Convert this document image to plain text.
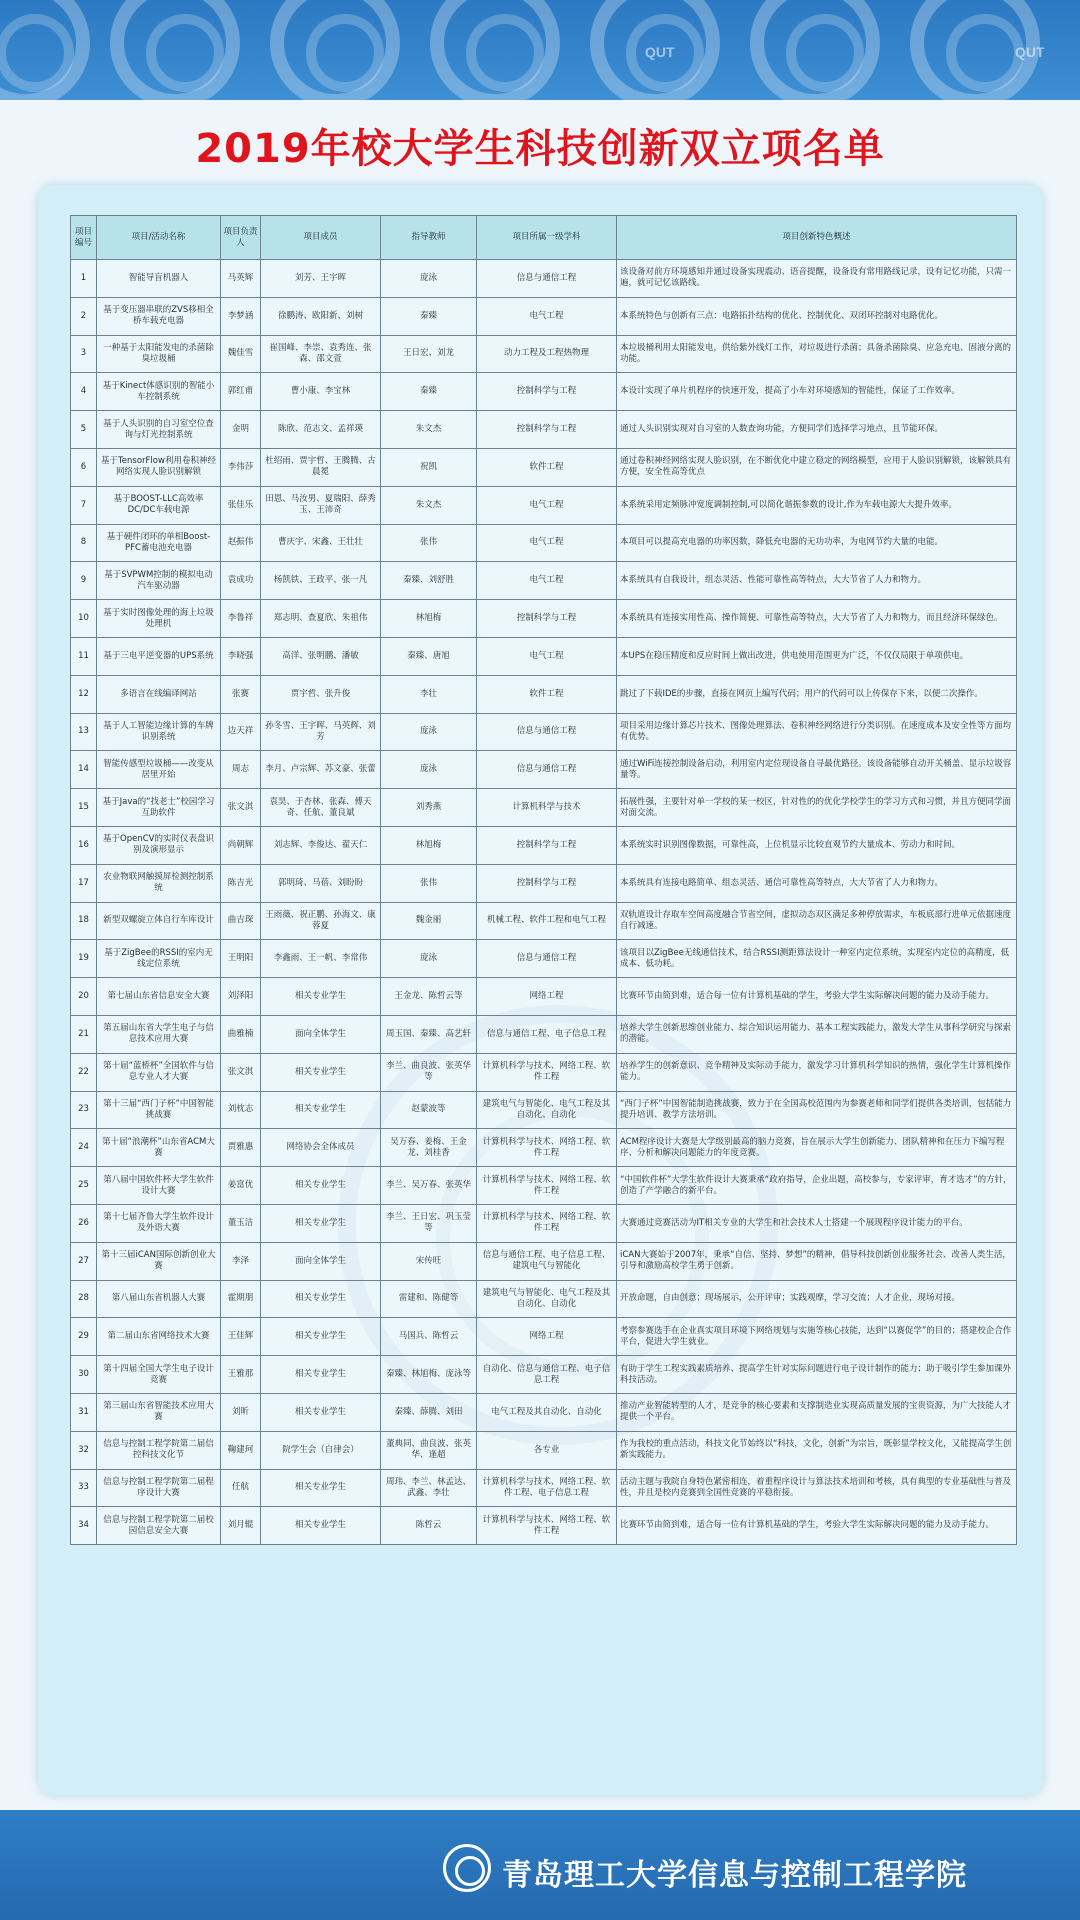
QUT	QUT
2019年校大学生科技创新双立项名单
项目编号	项目/活动名称	项目负责人	项目成员	指导教师	项目所属一级学科	项目创新特色概述
1	智能导盲机器人	马英辉	刘芳、王宇晖	庞泳	信息与通信工程	该设备对前方环境感知并通过设备实现震动、语音提醒，设备设有常用路线记录，设有记忆功能，只需一遍，就可记忆该路线。
2	基于变压器串联的ZVS移相全桥车载充电器	李梦涵	徐鹏涛、欧阳新、刘树	秦臻	电气工程	本系统特色与创新有三点：电路拓扑结构的优化、控制优化、双闭环控制对电路优化。
3	一种基于太阳能发电的杀菌除臭垃圾桶	魏佳雪	崔国峰、李崇、袁秀连、张森、邵文萱	王日宏、刘龙	动力工程及工程热物理	本垃圾桶利用太阳能发电，供给紫外线灯工作，对垃圾进行杀菌；具备杀菌除臭、应急充电、固液分离的功能。
4	基于Kinect体感识别的智能小车控制系统	郭红甫	曹小康、李宝林	秦臻	控制科学与工程	本设计实现了单片机程序的快速开发，提高了小车对环境感知的智能性，保证了工作效率。
5	基于人头识别的自习室空位查询与灯光控制系统	金明	陈欣、范志文、孟祥瑛	朱文杰	控制科学与工程	通过人头识别实现对自习室的人数查询功能，方便同学们选择学习地点，且节能环保。
6	基于TensorFlow利用卷积神经网络实现人脸识别解锁	李伟莎	杜绍雨、贾宇哲、王腾腾、古晨冕	祝凯	软件工程	通过卷积神经网络实现人脸识别，在不断优化中建立稳定的网络模型，应用于人脸识别解锁，该解锁具有方便，安全性高等优点
7	基于BOOST-LLC高效率DC/DC车载电源	张佳乐	田恩、马汝男、夏瑞阳、薛秀玉、王沛奇	朱文杰	电气工程	本系统采用定频脉冲宽度调制控制,可以简化谐振参数的设计,作为车载电源大大提升效率。
8	基于硬件闭环的单相Boost-PFC蓄电池充电器	赵振伟	曹庆宇、宋鑫、王壮壮	张伟	电气工程	本项目可以提高充电器的功率因数，降低充电器的无功功率，为电网节约大量的电能。
9	基于SVPWM控制的模拟电动汽车驱动器	袁成功	杨凯铁、王政平、张一凡	秦臻、刘舒胜	电气工程	本系统具有自我设计，组态灵活、性能可靠性高等特点，大大节省了人力和物力。
10	基于实时图像处理的海上垃圾处理机	李鲁祥	郑志明、查夏欣、朱祖伟	林旭梅	控制科学与工程	本系统具有连接实用性高、操作简便、可靠性高等特点，大大节省了人力和物力，而且经济环保绿色。
11	基于三电平逆变器的UPS系统	李晓强	高洋、张明鹏、潘敏	秦臻、唐旭	电气工程	本UPS在稳压精度和反应时间上做出改进，供电使用范围更为广泛，不仅仅局限于单项供电。
12	多语言在线编译网站	张赛	贾宇哲、张升俊	李壮	软件工程	跳过了下载IDE的步骤，直接在网页上编写代码；用户的代码可以上传保存下来，以便二次操作。
13	基于人工智能边缘计算的车牌识别系统	边天祥	孙冬雪、王宇晖、马英辉、刘芳	庞泳	信息与通信工程	项目采用边缘计算芯片技术、图像处理算法、卷积神经网络进行分类识别。在速度成本及安全性等方面均有优势。
14	智能传感型垃圾桶——改变从居里开始	周志	李月、卢宗辉、苏文豪、张蕾	庞泳	信息与通信工程	通过WiFi连接控制设备启动，利用室内定位现设备自寻最优路径。该设备能够自动开关桶盖、显示垃圾容量等。
15	基于Java的“找老士”校园学习互助软件	张文淇	袁昊、于杏林、张森、傅天奇、任航、董良斌	刘秀燕	计算机科学与技术	拓展性强，主要针对单一学校的某一校区，针对性的的优化学校学生的学习方式和习惯，并且方便同学面对面交流。
16	基于OpenCV的实时仪表盘识别及演形显示	尚朝辉	刘志辉、李俊达、翟天仁	林旭梅	控制科学与工程	本系统实时识别图像数据，可靠性高，上位机显示比较直观节约大量成本、劳动力和时间。
17	农业物联网触摸屏检测控制系统	陈吉光	郭明琦、马蓓、刘盼盼	张伟	控制科学与工程	本系统具有连接电路简单、组态灵活、通信可靠性高等特点，大大节省了人力和物力。
18	新型双螺旋立体自行车库设计	曲吉琛	王雨薇、祝正鹏、孙海文、康蓉夏	魏金丽	机械工程、软件工程和电气工程	双轨道设计存取车空间高度融合节省空间，虚拟动态双区满足多种停放需求，车板底部行进单元依据速度自行减速。
19	基于ZigBee的RSSI的室内无线定位系统	王明阳	李鑫雨、王一帆、李常伟	庞泳	信息与通信工程	该项目以ZigBee无线通信技术，结合RSSI测距算法设计一种室内定位系统，实现室内定位的高精度，低成本、低功耗。
20	第七届山东省信息安全大赛	刘泽阳	相关专业学生	王金龙、陈哲云等	网络工程	比赛环节由简到难，适合每一位有计算机基础的学生，考验大学生实际解决问题的能力及动手能力。
21	第五届山东省大学生电子与信息技术应用大赛	曲雅楠	面向全体学生	周玉国、秦臻、高艺轩	信息与通信工程、电子信息工程	培养大学生创新思维创业能力、综合知识运用能力、基本工程实践能力，激发大学生从事科学研究与探索的潜能。
22	第十届“蓝桥杯”全国软件与信息专业人才大赛	张文淇	相关专业学生	李兰、曲良波、张英华等	计算机科学与技术、网络工程、软件工程	培养学生的创新意识、竞争精神及实际动手能力，激发学习计算机科学知识的热情，强化学生计算机操作能力。
23	第十三届“西门子杯”中国智能挑战赛	刘枕志	相关专业学生	赵蒙波等	建筑电气与智能化、电气工程及其自动化、自动化	“西门子杯”中国智能制造挑战赛，致力于在全国高校范围内为参赛老师和同学们提供各类培训，包括能力提升培训、教学方法培训。
24	第十届“浪潮杯”山东省ACM大赛	贾雅惠	网络协会全体成员	吴万春、姜梅、王金龙、刘桂香	计算机科学与技术、网络工程、软件工程	ACM程序设计大赛是大学级别最高的脑力竞赛，旨在展示大学生创新能力、团队精神和在压力下编写程序、分析和解决问题能力的年度竞赛。
25	第八届中国软件杯大学生软件设计大赛	姜富优	相关专业学生	李兰、吴万春、张英华	计算机科学与技术、网络工程、软件工程	“中国软件杯”大学生软件设计大赛秉承“政府指导，企业出题，高校参与，专家评审，育才选才”的方针，创造了产学融合的新平台。
26	第十七届齐鲁大学生软件设计及外语大赛	董玉洁	相关专业学生	李兰、王日宏、巩玉莹等	计算机科学与技术、网络工程、软件工程	大赛通过竞赛活动为IT相关专业的大学生和社会技术人士搭建一个展现程序设计能力的平台。
27	第十三届iCAN国际创新创业大赛	李泽	面向全体学生	宋传旺	信息与通信工程、电子信息工程、建筑电气与智能化	iCAN大赛始于2007年，秉承“自信、坚持、梦想”的精神，倡导科技创新创业服务社会、改善人类生活，引导和激励高校学生勇于创新。
28	第八届山东省机器人大赛	霍期朋	相关专业学生	雷建和、陈健等	建筑电气与智能化、电气工程及其自动化、自动化	开放命题，自由创意；现场展示，公开评审；实践观摩，学习交流；人才企业，现场对接。
29	第二届山东省网络技术大赛	王佳辉	相关专业学生	马国兵、陈哲云	网络工程	考察参赛选手在企业真实项目环境下网络规划与实施等核心技能，达到“以赛促学”的目的；搭建校企合作平台，促进大学生就业。
30	第十四届全国大学生电子设计竞赛	王雅那	相关专业学生	秦臻、林旭梅、庞泳等	自动化、信息与通信工程、电子信息工程	有助于学生工程实践素质培养、提高学生针对实际问题进行电子设计制作的能力；助于吸引学生参加课外科技活动。
31	第三届山东省智能技术应用大赛	刘昕	相关专业学生	秦臻、薛腾、刘田	电气工程及其自动化、自动化	推动产业智能转型的人才，是竞争的核心要素和支撑制造业实现高质量发展的宝贵资源，为广大技能人才提供一个平台。
32	信息与控制工程学院第二届信控科技文化节	鞠建珂	院学生会（自律会）	董典同、曲良波、张英华、逢超	各专业	作为我校的重点活动，科技文化节始终以“科技，文化，创新”为宗旨，既彰显学校文化，又能提高学生创新实践能力。
33	信息与控制工程学院第二届程序设计大赛	任航	相关专业学生	周玮、李兰、林孟达、武鑫、李壮	计算机科学与技术、网络工程、软件工程、电子信息工程	活动主题与我院自身特色紧密相连，着重程序设计与算法技术培训和考核，具有典型的专业基础性与普及性，并且是校内竞赛到全国性竞赛的平稳衔接。
34	信息与控制工程学院第二届校园信息安全大赛	刘月辊	相关专业学生	陈哲云	计算机科学与技术、网络工程、软件工程	比赛环节由简到难，适合每一位有计算机基础的学生，考验大学生实际解决问题的能力及动手能力。
青岛理工大学信息与控制工程学院
